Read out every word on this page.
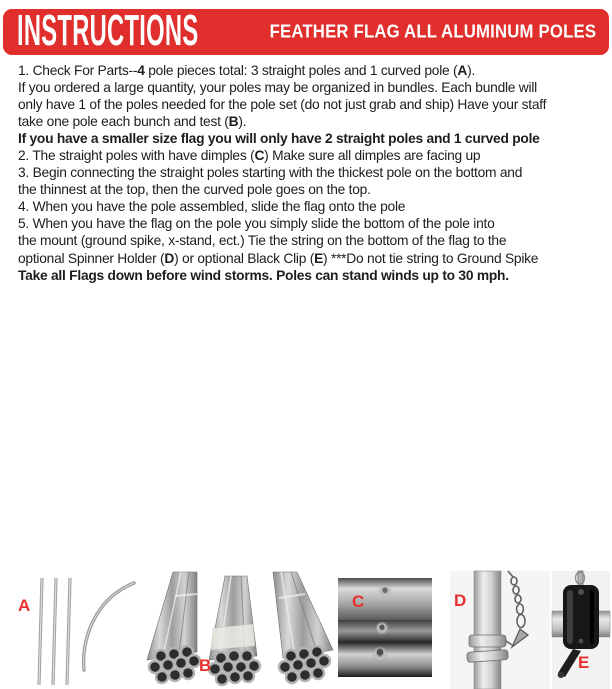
INSTRUCTIONS	FEATHER FLAG ALL ALUMINUM POLES
1. Check For Parts--4 pole pieces total: 3 straight poles and 1 curved pole (A).
If you ordered a large quantity, your poles may be organized in bundles. Each bundle will
only have 1 of the poles needed for the pole set (do not just grab and ship) Have your staff
take one pole each bunch and test (B).
If you have a smaller size flag you will only have 2 straight poles and 1 curved pole
2. The straight poles with have dimples (C) Make sure all dimples are facing up
3. Begin connecting the straight poles starting with the thickest pole on the bottom and
the thinnest at the top, then the curved pole goes on the top.
4. When you have the pole assembled, slide the flag onto the pole
5. When you have the flag on the pole you simply slide the bottom of the pole into
the mount (ground spike, x-stand, ect.) Tie the string on the bottom of the flag to the
optional Spinner Holder (D) or optional Black Clip (E) ***Do not tie string to Ground Spike
Take all Flags down before wind storms. Poles can stand winds up to 30 mph.
A
B
C	D
E
